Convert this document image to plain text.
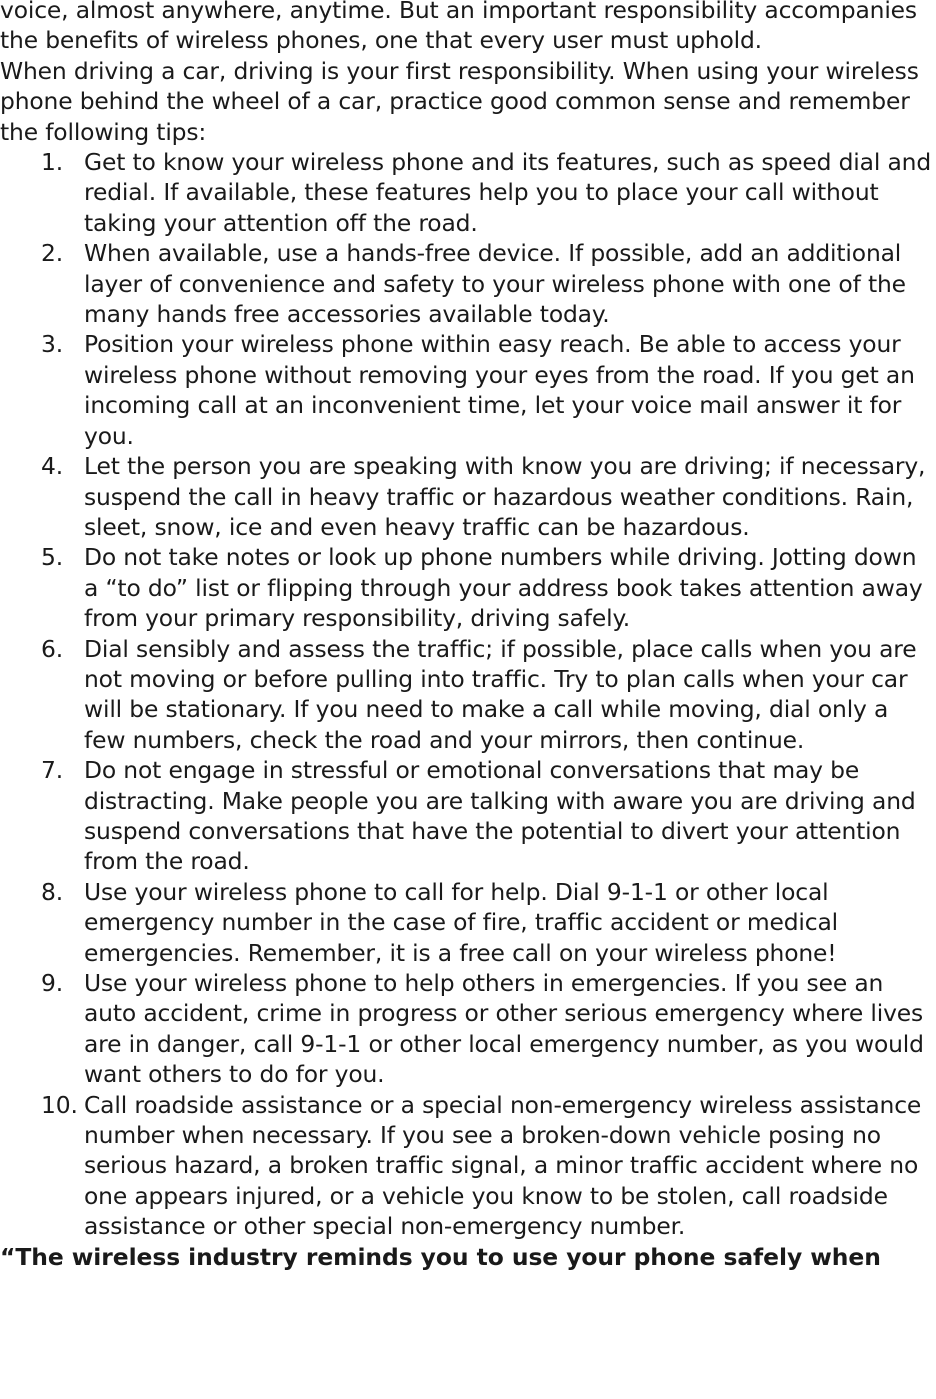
voice, almost anywhere, anytime. But an important responsibility accompanies the benefits of wireless phones, one that every user must uphold.

When driving a car, driving is your first responsibility. When using your wireless phone behind the wheel of a car, practice good common sense and remember the following tips:

1. Get to know your wireless phone and its features, such as speed dial and redial. If available, these features help you to place your call without taking your attention off the road.
2. When available, use a hands-free device. If possible, add an additional layer of convenience and safety to your wireless phone with one of the many hands free accessories available today.
3. Position your wireless phone within easy reach. Be able to access your wireless phone without removing your eyes from the road. If you get an incoming call at an inconvenient time, let your voice mail answer it for you.
4. Let the person you are speaking with know you are driving; if necessary, suspend the call in heavy traffic or hazardous weather conditions. Rain, sleet, snow, ice and even heavy traffic can be hazardous.
5. Do not take notes or look up phone numbers while driving. Jotting down a “to do” list or flipping through your address book takes attention away from your primary responsibility, driving safely.
6. Dial sensibly and assess the traffic; if possible, place calls when you are not moving or before pulling into traffic. Try to plan calls when your car will be stationary. If you need to make a call while moving, dial only a few numbers, check the road and your mirrors, then continue.
7. Do not engage in stressful or emotional conversations that may be distracting. Make people you are talking with aware you are driving and suspend conversations that have the potential to divert your attention from the road.
8. Use your wireless phone to call for help. Dial 9-1-1 or other local emergency number in the case of fire, traffic accident or medical emergencies. Remember, it is a free call on your wireless phone!
9. Use your wireless phone to help others in emergencies. If you see an auto accident, crime in progress or other serious emergency where lives are in danger, call 9-1-1 or other local emergency number, as you would want others to do for you.
10. Call roadside assistance or a special non-emergency wireless assistance number when necessary. If you see a broken-down vehicle posing no serious hazard, a broken traffic signal, a minor traffic accident where no one appears injured, or a vehicle you know to be stolen, call roadside assistance or other special non-emergency number.

“The wireless industry reminds you to use your phone safely when
